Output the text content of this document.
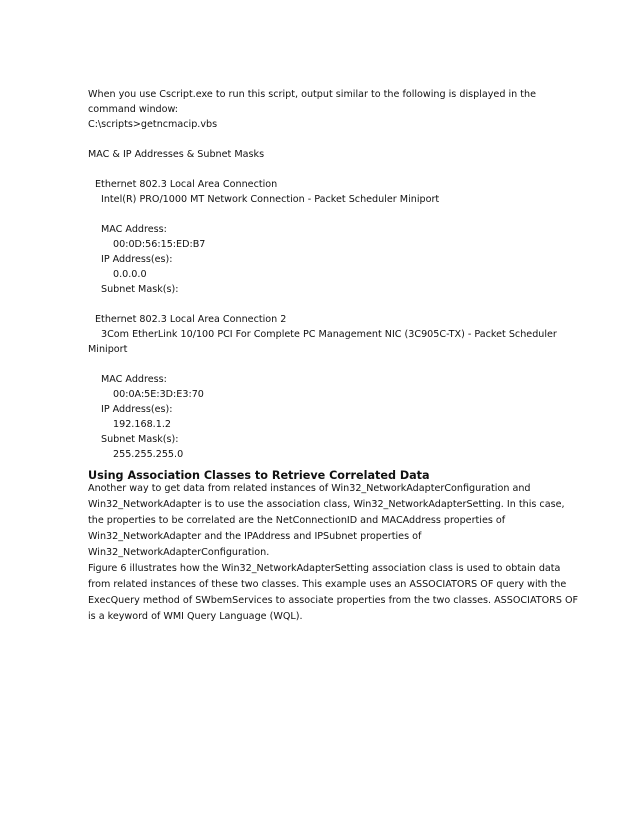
When you use Cscript.exe to run this script, output similar to the following is displayed in the
command window:
C:\scripts>getncmacip.vbs
MAC & IP Addresses & Subnet Masks
Ethernet 802.3 Local Area Connection
Intel(R) PRO/1000 MT Network Connection - Packet Scheduler Miniport
MAC Address:
00:0D:56:15:ED:B7
IP Address(es):
0.0.0.0
Subnet Mask(s):
Ethernet 802.3 Local Area Connection 2
3Com EtherLink 10/100 PCI For Complete PC Management NIC (3C905C-TX) - Packet Scheduler
Miniport
MAC Address:
00:0A:5E:3D:E3:70
IP Address(es):
192.168.1.2
Subnet Mask(s):
255.255.255.0
Using Association Classes to Retrieve Correlated Data
Another way to get data from related instances of Win32_NetworkAdapterConfiguration and
Win32_NetworkAdapter is to use the association class, Win32_NetworkAdapterSetting. In this case,
the properties to be correlated are the NetConnectionID and MACAddress properties of
Win32_NetworkAdapter and the IPAddress and IPSubnet properties of
Win32_NetworkAdapterConfiguration.
Figure 6 illustrates how the Win32_NetworkAdapterSetting association class is used to obtain data
from related instances of these two classes. This example uses an ASSOCIATORS OF query with the
ExecQuery method of SWbemServices to associate properties from the two classes. ASSOCIATORS OF
is a keyword of WMI Query Language (WQL).
